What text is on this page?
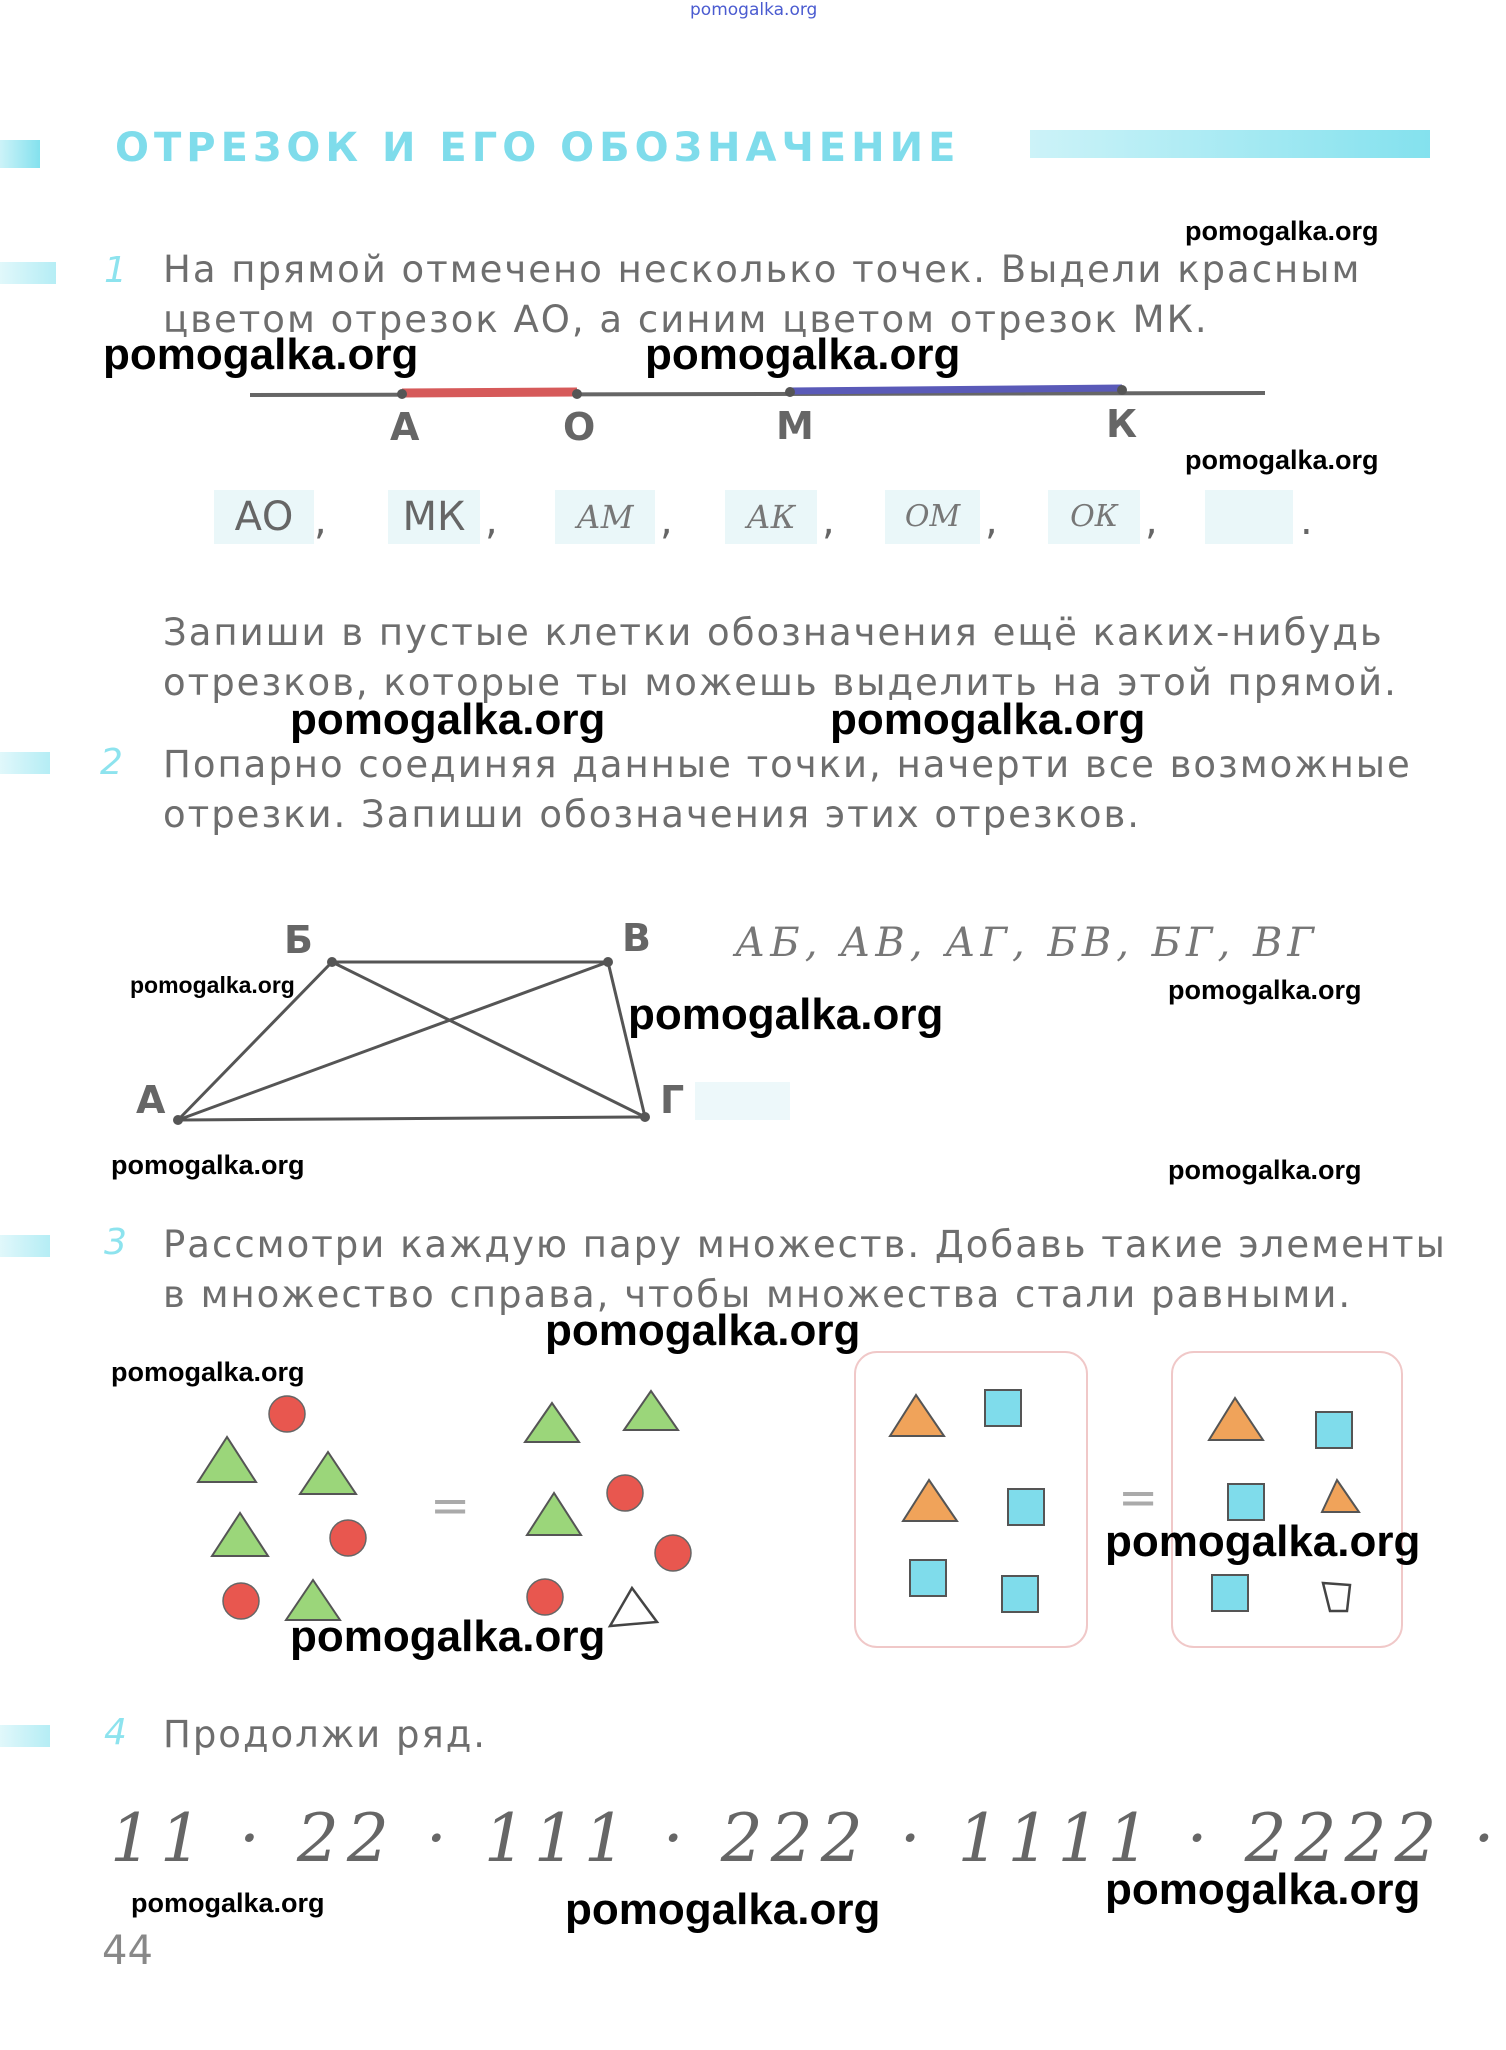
pomogalka.org
ОТРЕЗОК И ЕГО ОБОЗНАЧЕНИЕ
1 На прямой отмечено несколько точек. Выдели красным
цветом отрезок АО, а синим цветом отрезок МК.
А	О	М	К
АО ,	МК ,	АМ ,	АК ,	ОМ ,	ОК ,	.
Запиши в пустые клетки обозначения ещё каких-нибудь
отрезков, которые ты можешь выделить на этой прямой.
2 Попарно соединяя данные точки, начерти все возможные
отрезки. Запиши обозначения этих отрезков.
Б	В
А	Г
АБ, АВ, АГ, БВ, БГ, ВГ
3 Рассмотри каждую пару множеств. Добавь такие элементы
в множество справа, чтобы множества стали равными.
=	=
4 Продолжи ряд.
11 · 22 · 111 · 222 · 1111 · 2222 ·
44
pomogalka.org
pomogalka.org	pomogalka.org
pomogalka.org
pomogalka.org	pomogalka.org
pomogalka.org
pomogalka.org	pomogalka.org
pomogalka.org	pomogalka.org
pomogalka.org
pomogalka.org
pomogalka.org
pomogalka.org
pomogalka.org	pomogalka.org	pomogalka.org
